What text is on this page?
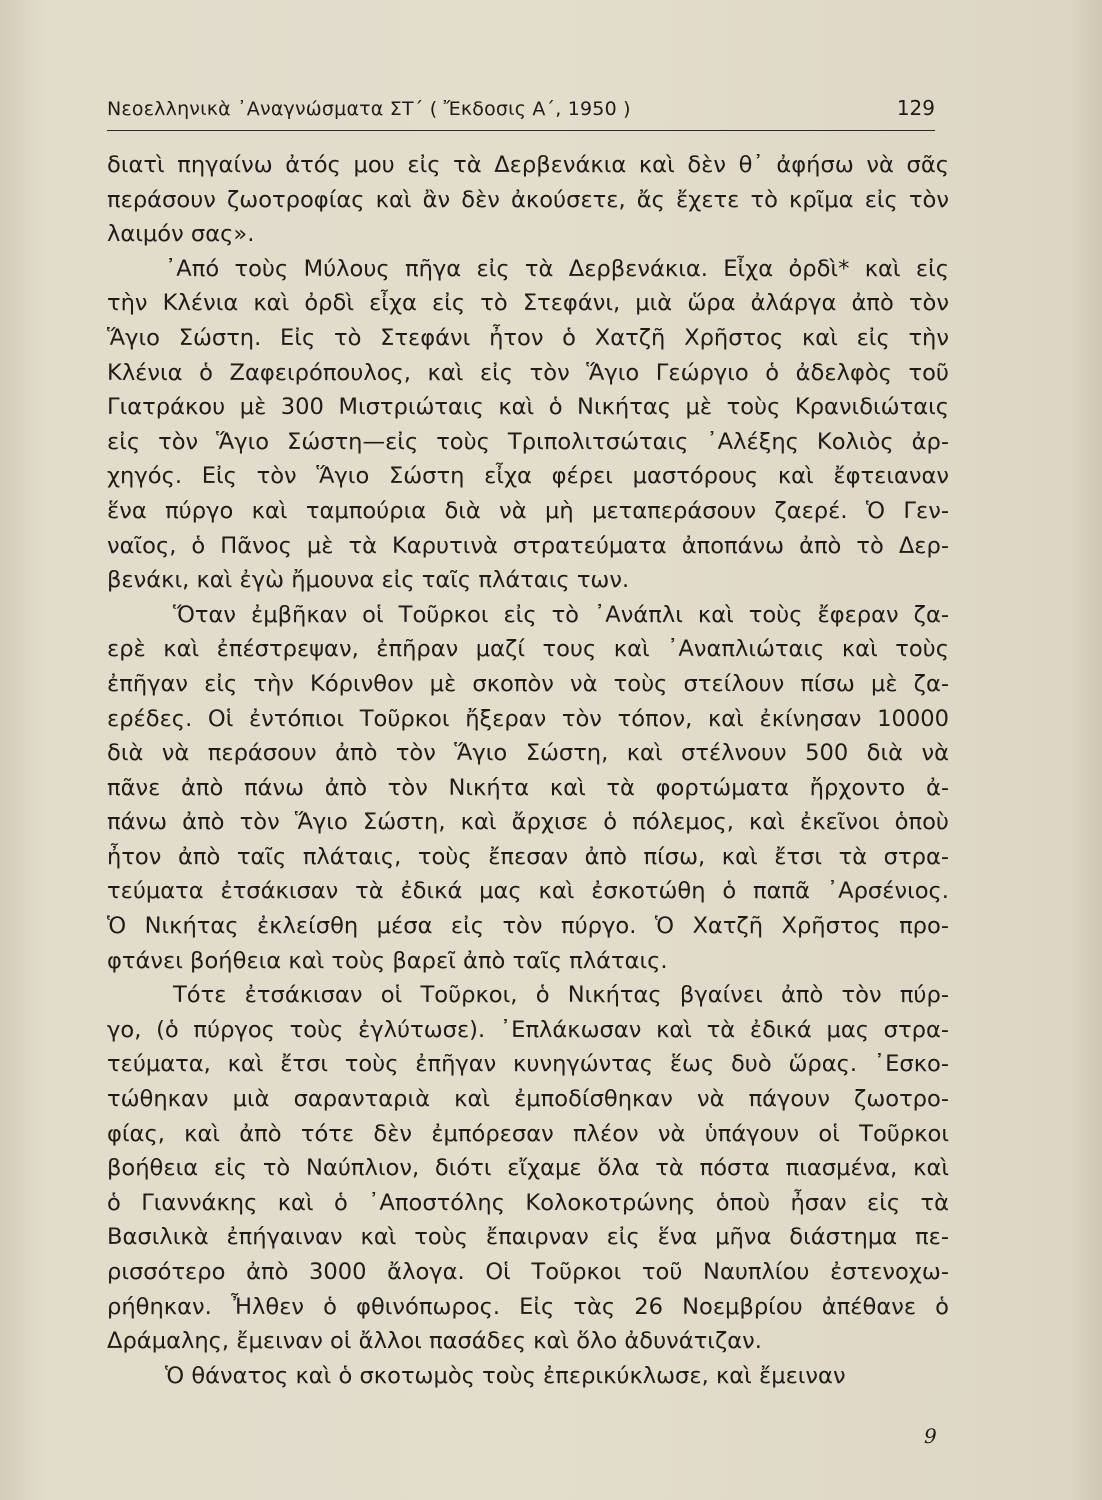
Νεοελληνικὰ ᾿Αναγνώσματα ΣΤ΄ ( Ἔκδοσις Α΄, 1950 )	129
διατὶ πηγαίνω ἀτός μου εἰς τὰ Δερβενάκια καὶ δὲν θ᾿ ἀφήσω νὰ σᾶς
περάσουν ζωοτροφίας καὶ ἂν δὲν ἀκούσετε, ἄς ἔχετε τὸ κρῖμα εἰς τὸν
λαιμόν σας».
᾿Από τοὺς Μύλους πῆγα εἰς τὰ Δερβενάκια. Εἶχα ὀρδὶ* καὶ εἰς
τὴν Κλένια καὶ ὀρδὶ εἶχα εἰς τὸ Στεφάνι, μιὰ ὥρα ἀλάργα ἀπὸ τὸν
Ἅγιο Σώστη. Εἰς τὸ Στεφάνι ἦτον ὁ Χατζῆ Χρῆστος καὶ εἰς τὴν
Κλένια ὁ Ζαφειρόπουλος, καὶ εἰς τὸν Ἅγιο Γεώργιο ὁ ἀδελφὸς τοῦ
Γιατράκου μὲ 300 Μιστριώταις καὶ ὁ Νικήτας μὲ τοὺς Κρανιδιώταις
εἰς τὸν Ἅγιο Σώστη—εἰς τοὺς Τριπολιτσώταις ᾿Αλέξης Κολιὸς ἀρ-
χηγός. Εἰς τὸν Ἅγιο Σώστη εἶχα φέρει μαστόρους καὶ ἔφτειαναν
ἕνα πύργο καὶ ταμπούρια διὰ νὰ μὴ μεταπεράσουν ζαερέ. Ὁ Γεν-
ναῖος, ὁ Πᾶνος μὲ τὰ Καρυτινὰ στρατεύματα ἀποπάνω ἀπὸ τὸ Δερ-
βενάκι, καὶ ἐγὼ ἤμουνα εἰς ταῖς πλάταις των.
Ὅταν ἐμβῆκαν οἱ Τοῦρκοι εἰς τὸ ᾿Ανάπλι καὶ τοὺς ἔφεραν ζα-
ερὲ καὶ ἐπέστρεψαν, ἐπῆραν μαζί τους καὶ ᾿Αναπλιώταις καὶ τοὺς
ἐπῆγαν εἰς τὴν Κόρινθον μὲ σκοπὸν νὰ τοὺς στείλουν πίσω μὲ ζα-
ερέδες. Οἱ ἐντόπιοι Τοῦρκοι ἤξεραν τὸν τόπον, καὶ ἐκίνησαν 10000
διὰ νὰ περάσουν ἀπὸ τὸν Ἅγιο Σώστη, καὶ στέλνουν 500 διὰ νὰ
πᾶνε ἀπὸ πάνω ἀπὸ τὸν Νικήτα καὶ τὰ φορτώματα ἤρχοντο ἀ-
πάνω ἀπὸ τὸν Ἅγιο Σώστη, καὶ ἄρχισε ὁ πόλεμος, καὶ ἐκεῖνοι ὁποὺ
ἦτον ἀπὸ ταῖς πλάταις, τοὺς ἔπεσαν ἀπὸ πίσω, καὶ ἔτσι τὰ στρα-
τεύματα ἐτσάκισαν τὰ ἐδικά μας καὶ ἐσκοτώθη ὁ παπᾶ ᾿Αρσένιος.
Ὁ Νικήτας ἐκλείσθη μέσα εἰς τὸν πύργο. Ὁ Χατζῆ Χρῆστος προ-
φτάνει βοήθεια καὶ τοὺς βαρεῖ ἀπὸ ταῖς πλάταις.
Τότε ἐτσάκισαν οἱ Τοῦρκοι, ὁ Νικήτας βγαίνει ἀπὸ τὸν πύρ-
γο, (ὁ πύργος τοὺς ἐγλύτωσε). ᾿Επλάκωσαν καὶ τὰ ἐδικά μας στρα-
τεύματα, καὶ ἔτσι τοὺς ἐπῆγαν κυνηγώντας ἕως δυὸ ὥρας. ᾿Εσκο-
τώθηκαν μιὰ σαρανταριὰ καὶ ἐμποδίσθηκαν νὰ πάγουν ζωοτρο-
φίας, καὶ ἀπὸ τότε δὲν ἐμπόρεσαν πλέον νὰ ὑπάγουν οἱ Τοῦρκοι
βοήθεια εἰς τὸ Ναύπλιον, διότι εἴχαμε ὅλα τὰ πόστα πιασμένα, καὶ
ὁ Γιαννάκης καὶ ὁ ᾿Αποστόλης Κολοκοτρώνης ὁποὺ ἦσαν εἰς τὰ
Βασιλικὰ ἐπήγαιναν καὶ τοὺς ἔπαιρναν εἰς ἕνα μῆνα διάστημα πε-
ρισσότερο ἀπὸ 3000 ἄλογα. Οἱ Τοῦρκοι τοῦ Ναυπλίου ἐστενοχω-
ρήθηκαν. Ἦλθεν ὁ φθινόπωρος. Εἰς τὰς 26 Νοεμβρίου ἀπέθανε ὁ
Δράμαλης, ἔμειναν οἱ ἄλλοι πασάδες καὶ ὅλο ἀδυνάτιζαν.
Ὁ θάνατος καὶ ὁ σκοτωμὸς τοὺς ἐπερικύκλωσε, καὶ ἔμειναν
9
